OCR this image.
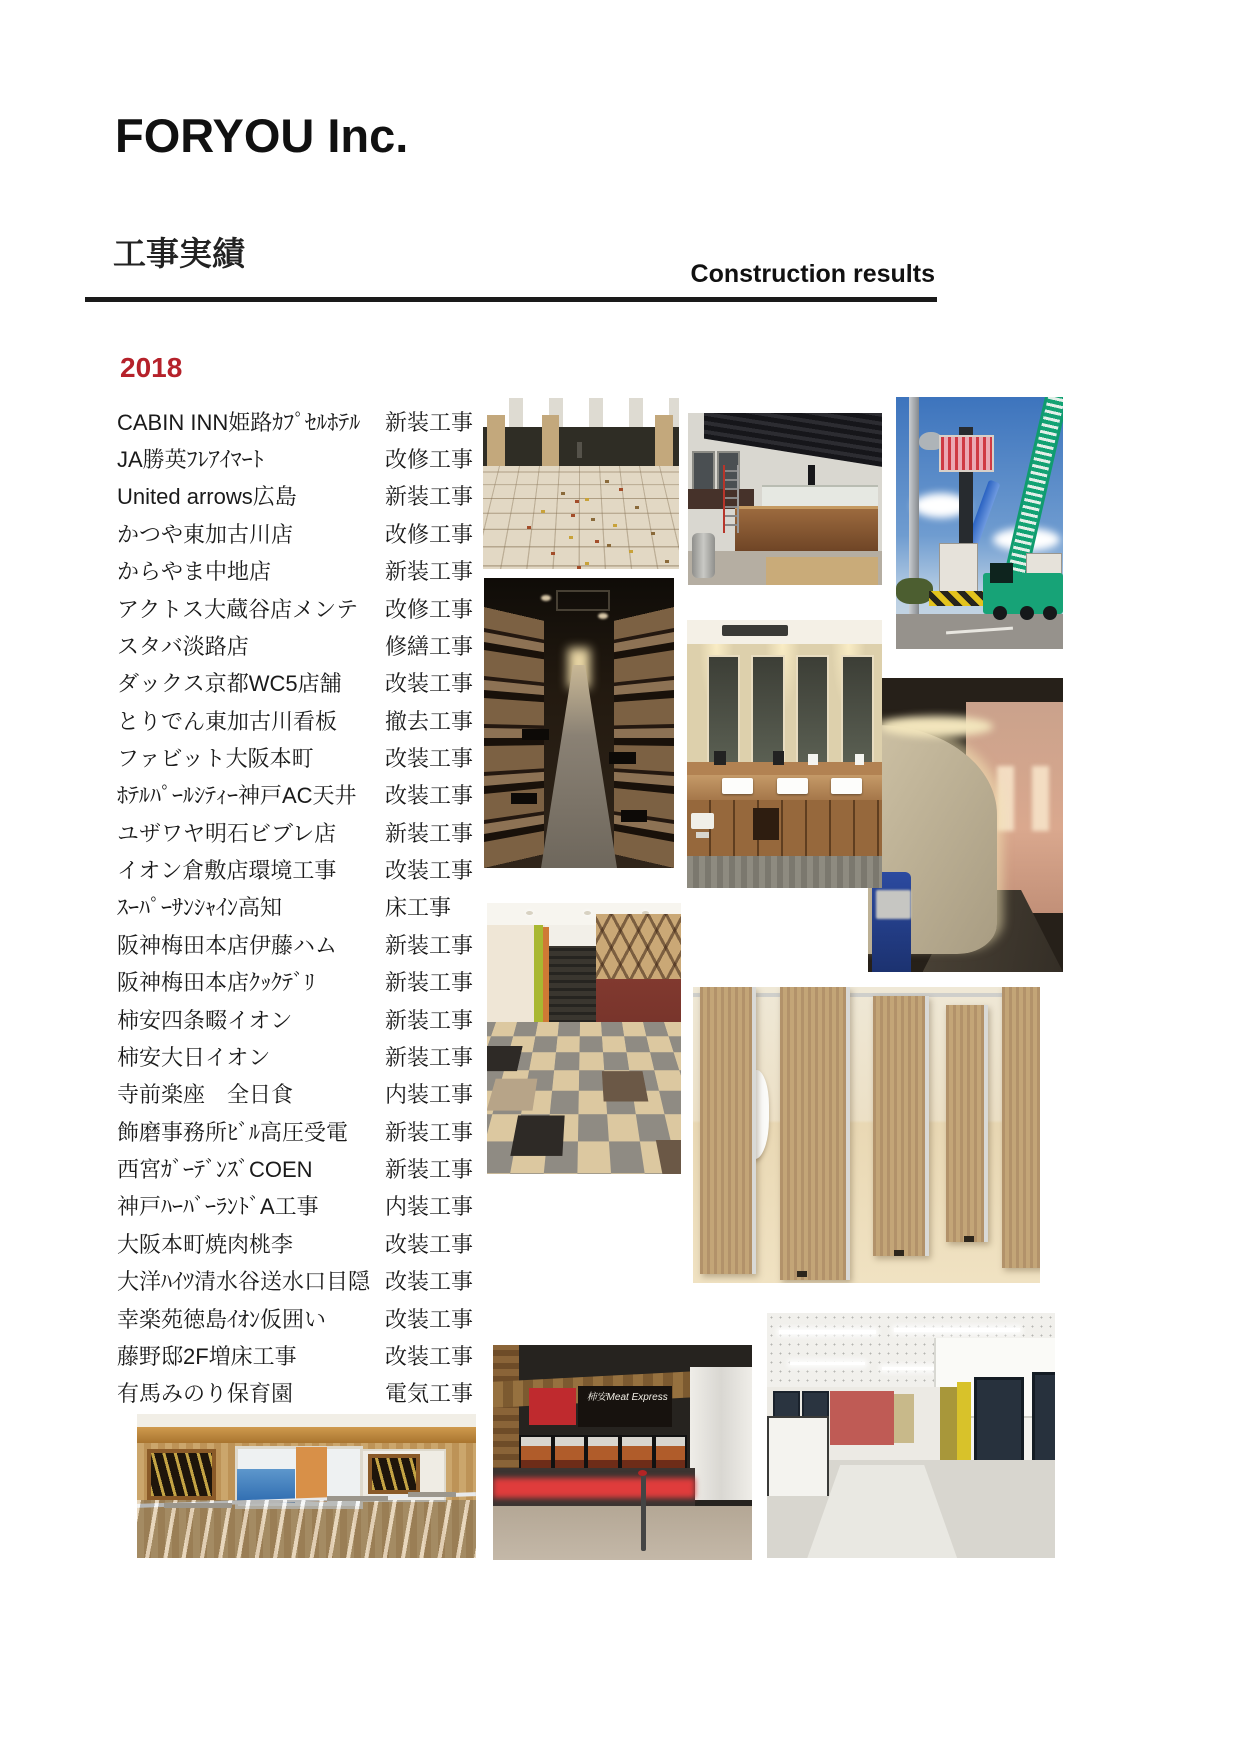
FORYOU Inc.
工事実績
Construction results
2018
CABIN INN姫路ｶﾌﾟｾﾙﾎﾃﾙ 新装工事
JA勝英ﾌﾚｱｲﾏｰﾄ	改修工事
United arrows広島	新装工事
かつや東加古川店	改修工事
からやま中地店	新装工事
アクトス大蔵谷店メンテ 改修工事
スタバ淡路店	修繕工事
ダックス京都WC5店舗 改装工事
とりでん東加古川看板 撤去工事
ファビット大阪本町	改装工事
ﾎﾃﾙﾊﾟｰﾙｼﾃｨｰ神戸AC天井 改装工事
ユザワヤ明石ビブレ店 新装工事
イオン倉敷店環境工事 改装工事
ｽｰﾊﾟｰｻﾝｼｬｲﾝ高知	床工事
阪神梅田本店伊藤ハム 新装工事
阪神梅田本店ｸｯｸﾃﾞﾘ	新装工事
柿安四条畷イオン	新装工事
柿安大日イオン	新装工事
寺前楽座　全日食	内装工事
飾磨事務所ﾋﾞﾙ高圧受電 新装工事
西宮ｶﾞｰﾃﾞﾝｽﾞCOEN	新装工事
神戸ﾊｰﾊﾞｰﾗﾝﾄﾞA工事	内装工事
大阪本町焼肉桃李	改装工事
大洋ﾊｲﾂ清水谷送水口目隠 改装工事
幸楽苑徳島ｲｵﾝ仮囲い	改装工事
藤野邸2F増床工事	改装工事
有馬みのり保育園	電気工事	柿安Meat Express
